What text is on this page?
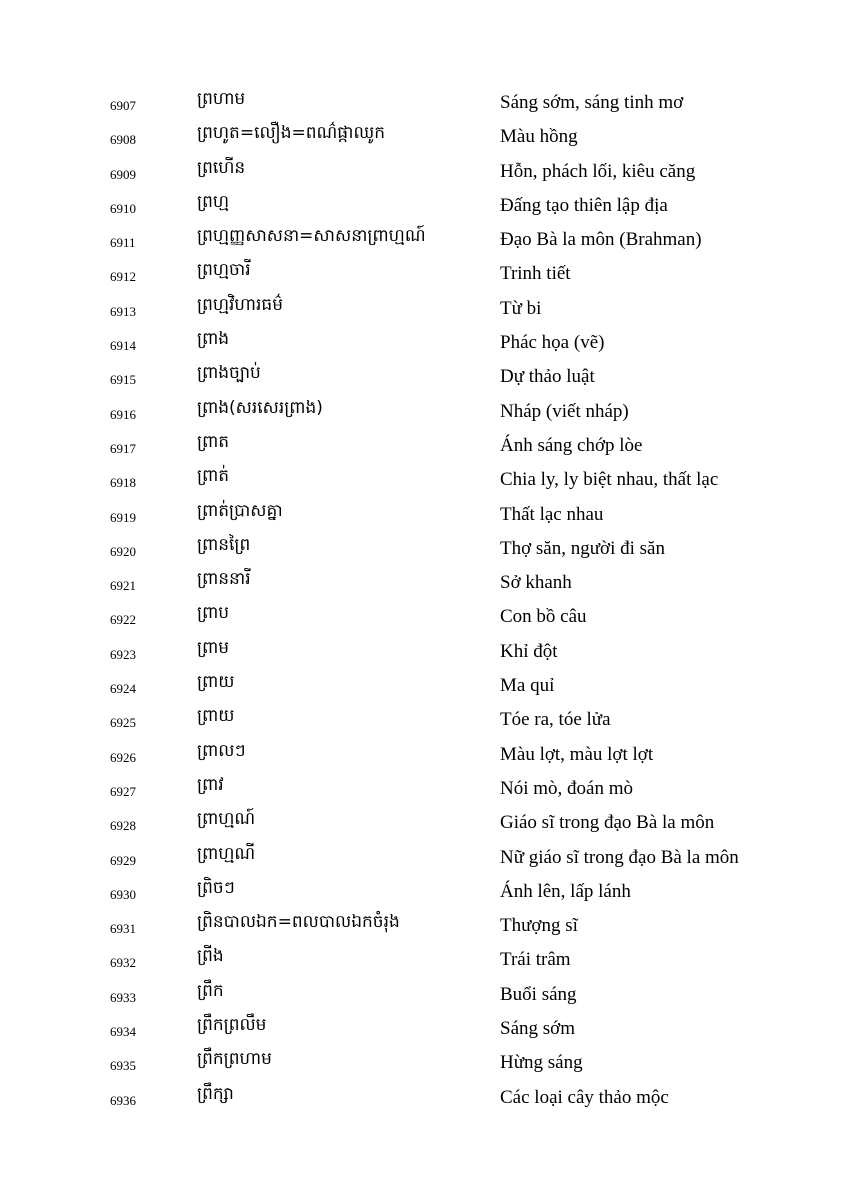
6907	ព្រហាម	Sáng sớm, sáng tinh mơ
6908	ព្រហូត=លឿង=ពណ៌ផ្កាឈូក	Màu hồng
6909	ព្រហើន	Hỗn, phách lối, kiêu căng
6910	ព្រហ្ម	Đấng tạo thiên lập địa
6911	ព្រហ្មញ្ញសាសនា=សាសនាព្រាហ្មណ៍	Đạo Bà la môn (Brahman)
6912	ព្រហ្មចារី	Trinh tiết
6913	ព្រហ្មវិហារធម៌	Từ bi
6914	ព្រាង	Phác họa (vẽ)
6915	ព្រាងច្បាប់	Dự thảo luật
6916	ព្រាង(សរសេរព្រាង)	Nháp (viết nháp)
6917	ព្រាត	Ánh sáng chớp lòe
6918	ព្រាត់	Chia ly, ly biệt nhau, thất lạc
6919	ព្រាត់ប្រាសគ្នា	Thất lạc nhau
6920	ព្រានព្រៃ	Thợ săn, người đi săn
6921	ព្រាននារី	Sở khanh
6922	ព្រាប	Con bồ câu
6923	ព្រាម	Khỉ đột
6924	ព្រាយ	Ma quỉ
6925	ព្រាយ	Tóe ra, tóe lửa
6926	ព្រាលៗ	Màu lợt, màu lợt lợt
6927	ព្រាវ	Nói mò, đoán mò
6928	ព្រាហ្មណ៍	Giáo sĩ trong đạo Bà la môn
6929	ព្រាហ្មណី	Nữ giáo sĩ trong đạo Bà la môn
6930	ព្រិចៗ	Ánh lên, lấp lánh
6931	ព្រិនបាលឯក=ពលបាលឯកចំរុង	Thượng sĩ
6932	ព្រីង	Trái trâm
6933	ព្រឹក	Buổi sáng
6934	ព្រឹកព្រលឹម	Sáng sớm
6935	ព្រឹកព្រហាម	Hừng sáng
6936	ព្រឹក្សា	Các loại cây thảo mộc
